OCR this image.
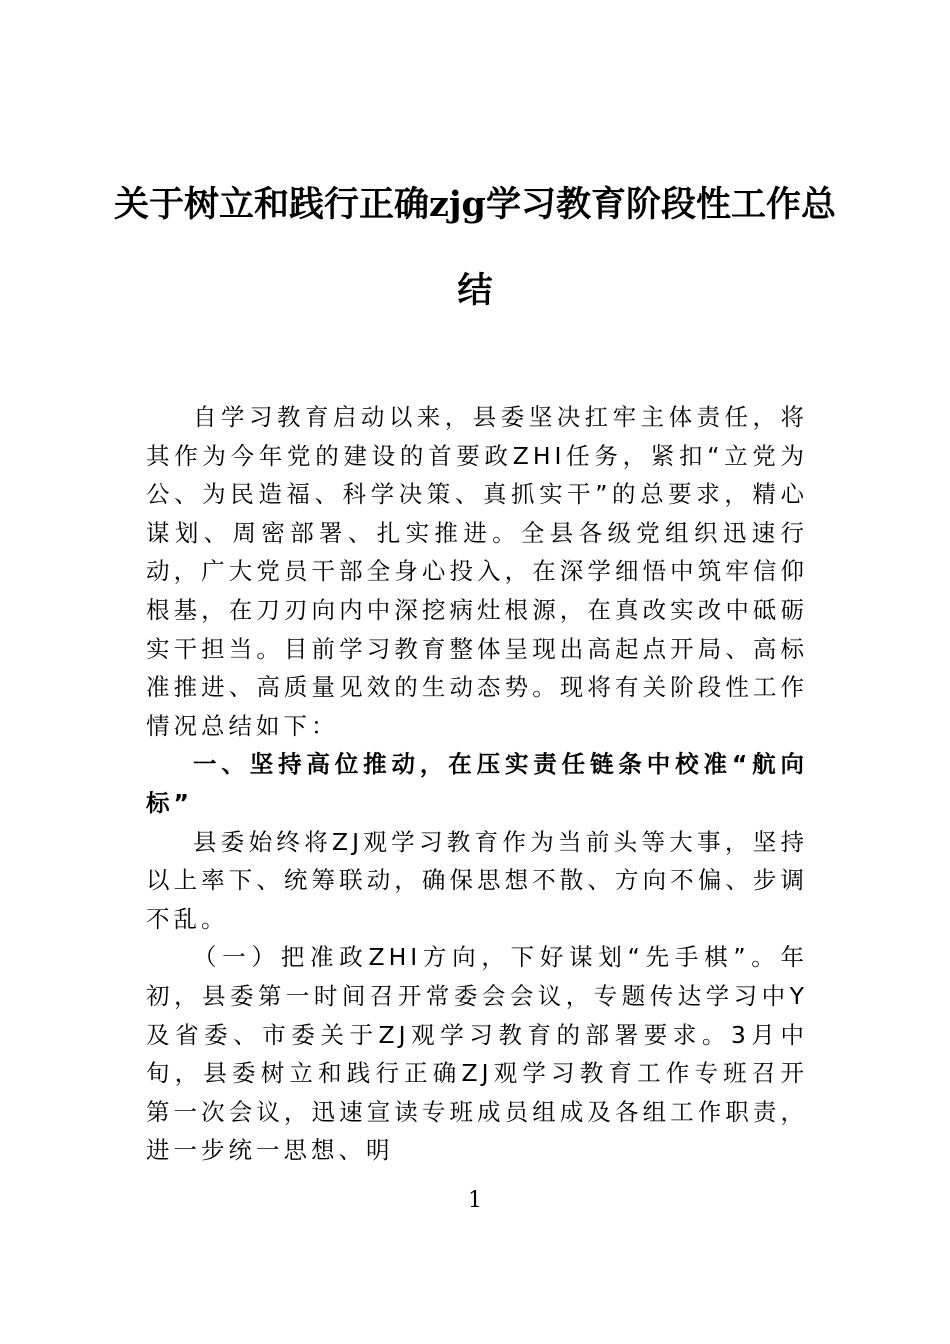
关于树立和践行正确zjg学习教育阶段性工作总结

自学习教育启动以来，县委坚决扛牢主体责任，将其作为今年党的建设的首要政ZHI任务，紧扣“立党为公、为民造福、科学决策、真抓实干”的总要求，精心谋划、周密部署、扎实推进。全县各级党组织迅速行动，广大党员干部全身心投入，在深学细悟中筑牢信仰根基，在刀刃向内中深挖病灶根源，在真改实改中砥砺实干担当。目前学习教育整体呈现出高起点开局、高标准推进、高质量见效的生动态势。现将有关阶段性工作情况总结如下：

一、坚持高位推动，在压实责任链条中校准“航向标”

县委始终将ZJ观学习教育作为当前头等大事，坚持以上率下、统筹联动，确保思想不散、方向不偏、步调不乱。

（一）把准政ZHI方向，下好谋划“先手棋”。年初，县委第一时间召开常委会会议，专题传达学习中Y及省委、市委关于ZJ观学习教育的部署要求。3月中旬，县委树立和践行正确ZJ观学习教育工作专班召开第一次会议，迅速宣读专班成员组成及各组工作职责，进一步统一思想、明

1
